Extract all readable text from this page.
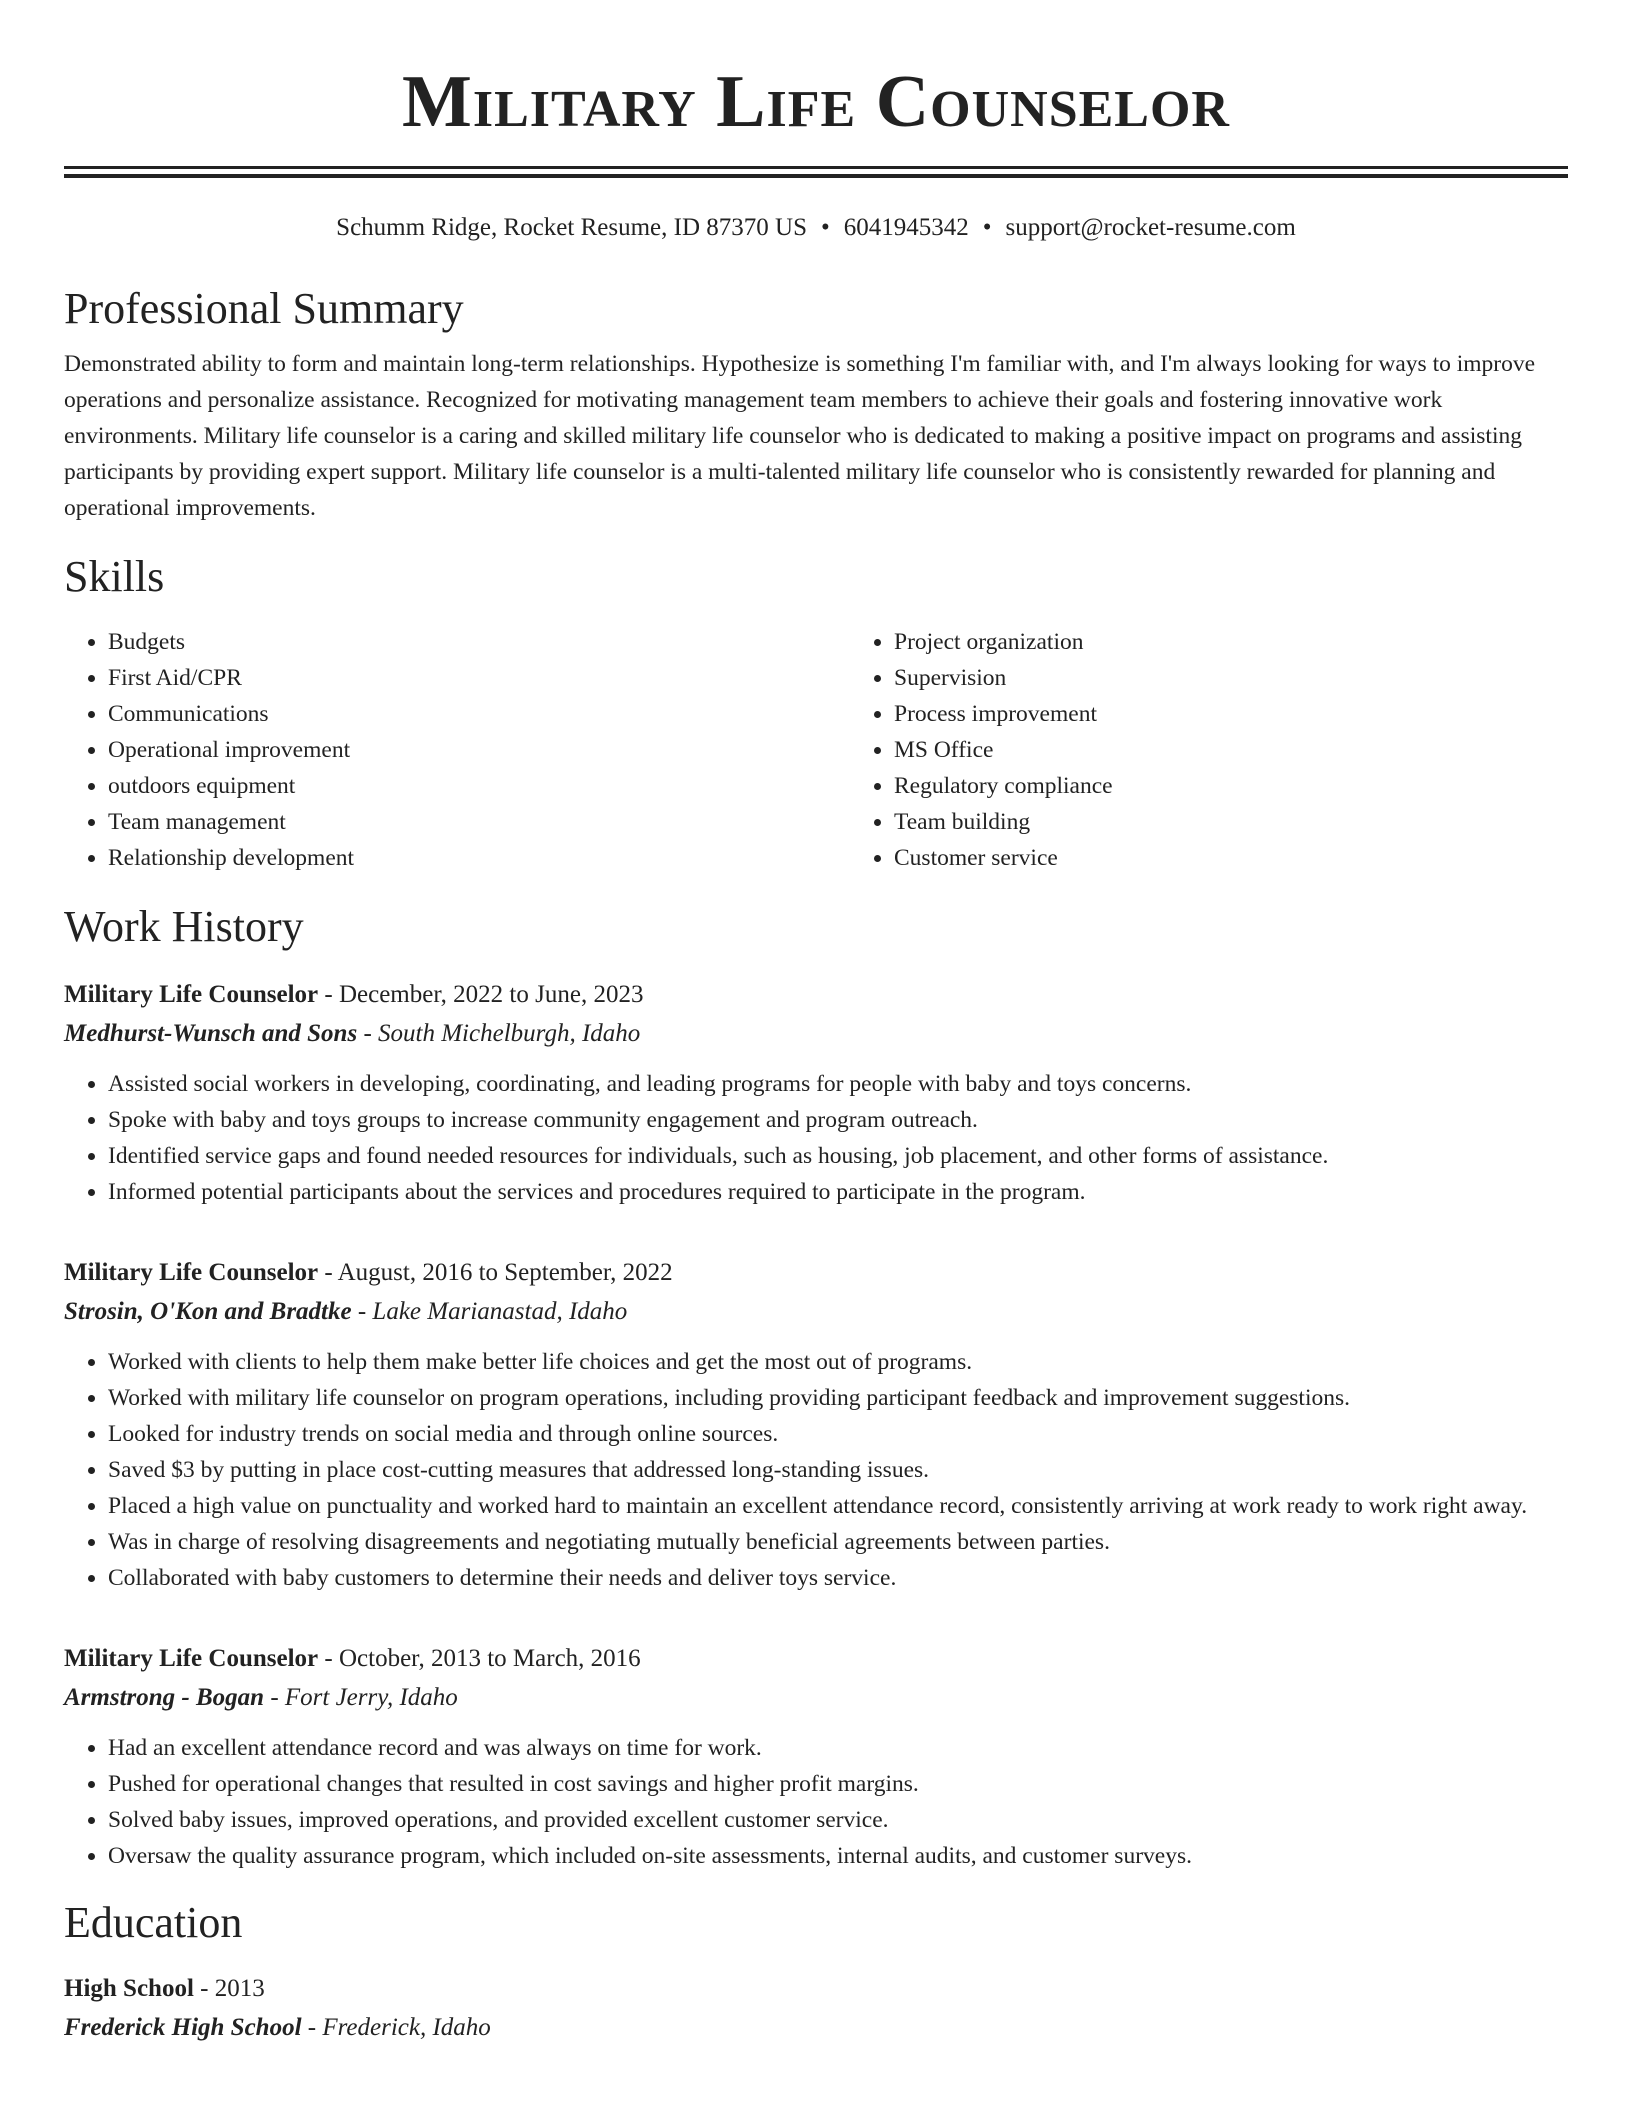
Military Life Counselor
Schumm Ridge, Rocket Resume, ID 87370 US • 6041945342 • support@rocket-resume.com
Professional Summary
Demonstrated ability to form and maintain long-term relationships. Hypothesize is something I'm familiar with, and I'm always looking for ways to improve operations and personalize assistance. Recognized for motivating management team members to achieve their goals and fostering innovative work environments. Military life counselor is a caring and skilled military life counselor who is dedicated to making a positive impact on programs and assisting participants by providing expert support. Military life counselor is a multi-talented military life counselor who is consistently rewarded for planning and operational improvements.
Skills
• Budgets
• First Aid/CPR
• Communications
• Operational improvement
• outdoors equipment
• Team management
• Relationship development
• Project organization
• Supervision
• Process improvement
• MS Office
• Regulatory compliance
• Team building
• Customer service
Work History
Military Life Counselor - December, 2022 to June, 2023
Medhurst-Wunsch and Sons - South Michelburgh, Idaho
• Assisted social workers in developing, coordinating, and leading programs for people with baby and toys concerns.
• Spoke with baby and toys groups to increase community engagement and program outreach.
• Identified service gaps and found needed resources for individuals, such as housing, job placement, and other forms of assistance.
• Informed potential participants about the services and procedures required to participate in the program.
Military Life Counselor - August, 2016 to September, 2022
Strosin, O'Kon and Bradtke - Lake Marianastad, Idaho
• Worked with clients to help them make better life choices and get the most out of programs.
• Worked with military life counselor on program operations, including providing participant feedback and improvement suggestions.
• Looked for industry trends on social media and through online sources.
• Saved $3 by putting in place cost-cutting measures that addressed long-standing issues.
• Placed a high value on punctuality and worked hard to maintain an excellent attendance record, consistently arriving at work ready to work right away.
• Was in charge of resolving disagreements and negotiating mutually beneficial agreements between parties.
• Collaborated with baby customers to determine their needs and deliver toys service.
Military Life Counselor - October, 2013 to March, 2016
Armstrong - Bogan - Fort Jerry, Idaho
• Had an excellent attendance record and was always on time for work.
• Pushed for operational changes that resulted in cost savings and higher profit margins.
• Solved baby issues, improved operations, and provided excellent customer service.
• Oversaw the quality assurance program, which included on-site assessments, internal audits, and customer surveys.
Education
High School - 2013
Frederick High School - Frederick, Idaho
